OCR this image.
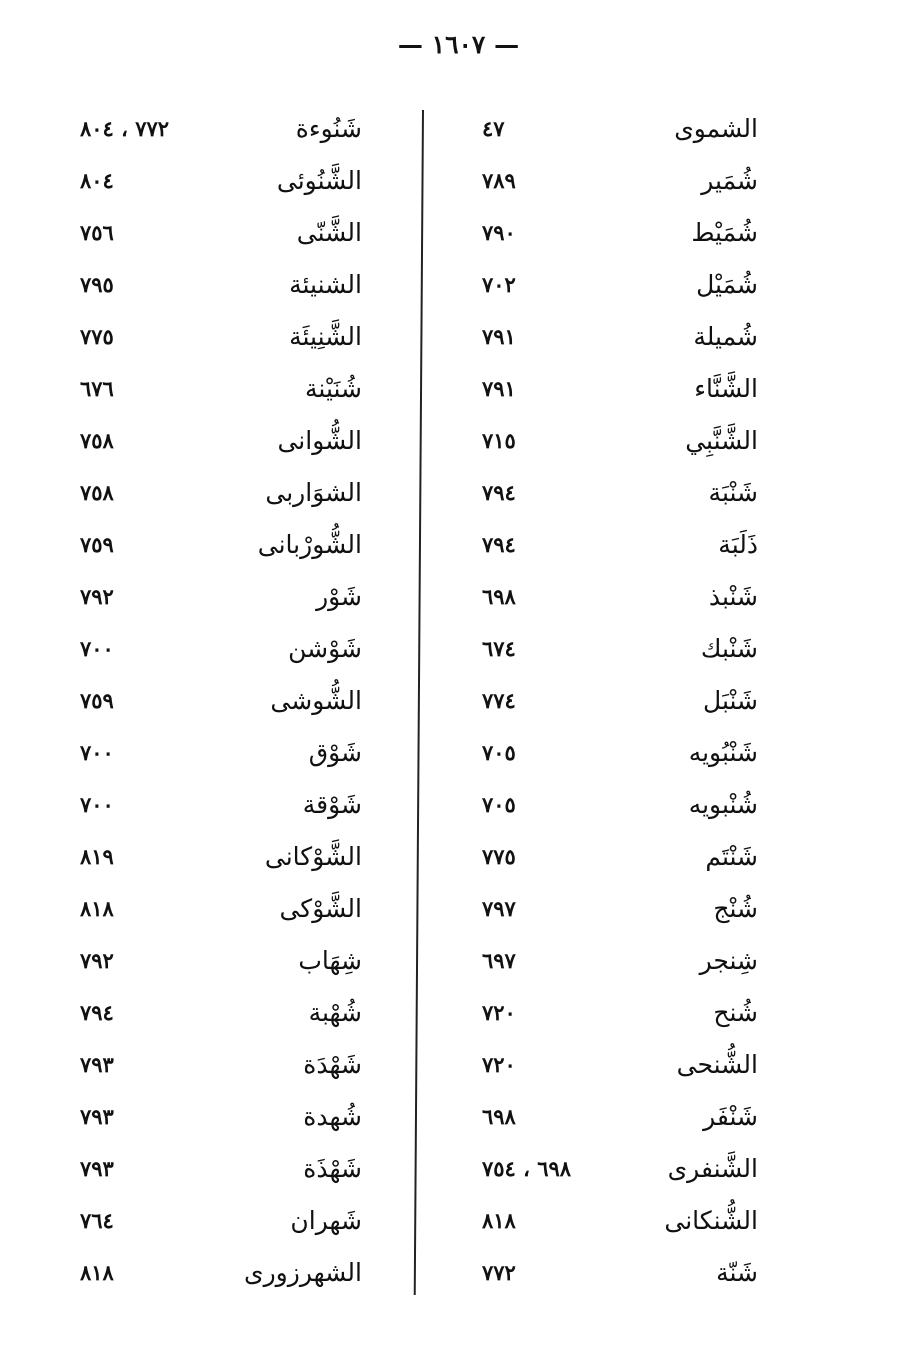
— ١٦٠٧ —
الشموى
٤٧
شُمَير
٧٨٩
شُمَيْط
٧٩٠
شُمَيْل
٧٠٢
شُميلة
٧٩١
الشَّنَّاء
٧٩١
الشَّنَّبِي
٧١٥
شَنْبَة
٧٩٤
ذَلَبَة
٧٩٤
شَنْبذ
٦٩٨
شَنْبك
٦٧٤
شَنْبَل
٧٧٤
شَنْبُويه
٧٠٥
شُنْبويه
٧٠٥
شَنْتَم
٧٧٥
شُنْج
٧٩٧
شِنجر
٦٩٧
شُنح
٧٢٠
الشُّنحى
٧٢٠
شَنْفَر
٦٩٨
الشَّنفرى
٦٩٨ ، ٧٥٤
الشُّنكانى
٨١٨
شَنّة
٧٧٢
شَنُوءة
٧٧٢ ، ٨٠٤
الشَّنُوئى
٨٠٤
الشَّنّى
٧٥٦
الشنيئة
٧٩٥
الشَّنِيئَة
٧٧٥
شُنَيْنة
٦٧٦
الشُّوانى
٧٥٨
الشوَاربى
٧٥٨
الشُّورْبانى
٧٥٩
شَوْر
٧٩٢
شَوْشن
٧٠٠
الشُّوشى
٧٥٩
شَوْق
٧٠٠
شَوْقة
٧٠٠
الشَّوْكانى
٨١٩
الشَّوْكى
٨١٨
شِهَاب
٧٩٢
شُهْبة
٧٩٤
شَهْدَة
٧٩٣
شُهدة
٧٩٣
شَهْذَة
٧٩٣
شَهران
٧٦٤
الشهرزورى
٨١٨
